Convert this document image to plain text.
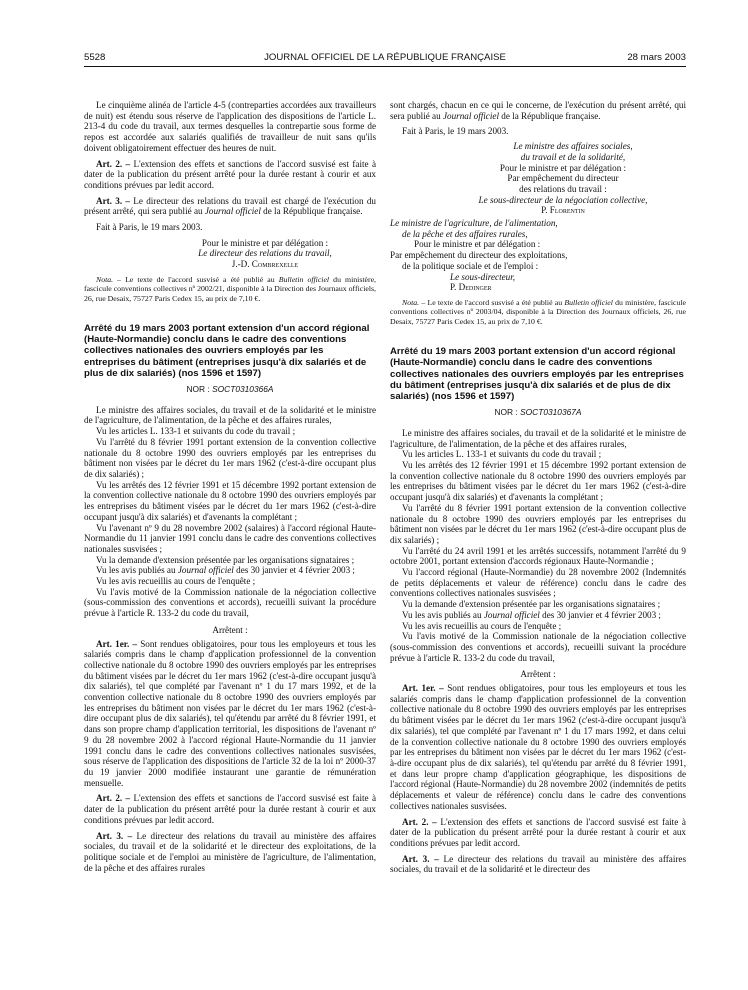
5528	JOURNAL OFFICIEL DE LA RÉPUBLIQUE FRANÇAISE	28 mars 2003

Le cinquième alinéa de l'article 4-5 (contreparties accordées aux travailleurs de nuit) est étendu sous réserve de l'application des dispositions de l'article L. 213-4 du code du travail, aux termes desquelles la contrepartie sous forme de repos est accordée aux salariés qualifiés de travailleur de nuit sans qu'ils doivent obligatoirement effectuer des heures de nuit.

Art. 2. – L'extension des effets et sanctions de l'accord susvisé est faite à dater de la publication du présent arrêté pour la durée restant à courir et aux conditions prévues par ledit accord.

Art. 3. – Le directeur des relations du travail est chargé de l'exécution du présent arrêté, qui sera publié au Journal officiel de la République française.

Fait à Paris, le 19 mars 2003.

Pour le ministre et par délégation :

Le directeur des relations du travail,

J.-D. Combrexelle

Nota. – Le texte de l'accord susvisé a été publié au Bulletin officiel du ministère, fascicule conventions collectives nº 2002/21, disponible à la Direction des Journaux officiels, 26, rue Desaix, 75727 Paris Cedex 15, au prix de 7,10 €.

Arrêté du 19 mars 2003 portant extension d'un accord régional (Haute-Normandie) conclu dans le cadre des conventions collectives nationales des ouvriers employés par les entreprises du bâtiment (entreprises jusqu'à dix salariés et de plus de dix salariés) (nos 1596 et 1597)

NOR : SOCT0310366A

Le ministre des affaires sociales, du travail et de la solidarité et le ministre de l'agriculture, de l'alimentation, de la pêche et des affaires rurales,

Vu les articles L. 133-1 et suivants du code du travail ;

Vu l'arrêté du 8 février 1991 portant extension de la convention collective nationale du 8 octobre 1990 des ouvriers employés par les entreprises du bâtiment non visées par le décret du 1er mars 1962 (c'est-à-dire occupant plus de dix salariés) ;

Vu les arrêtés des 12 février 1991 et 15 décembre 1992 portant extension de la convention collective nationale du 8 octobre 1990 des ouvriers employés par les entreprises du bâtiment visées par le décret du 1er mars 1962 (c'est-à-dire occupant jusqu'à dix salariés) et d'avenants la complétant ;

Vu l'avenant nº 9 du 28 novembre 2002 (salaires) à l'accord régional Haute-Normandie du 11 janvier 1991 conclu dans le cadre des conventions collectives nationales susvisées ;

Vu la demande d'extension présentée par les organisations signataires ;

Vu les avis publiés au Journal officiel des 30 janvier et 4 février 2003 ;

Vu les avis recueillis au cours de l'enquête ;

Vu l'avis motivé de la Commission nationale de la négociation collective (sous-commission des conventions et accords), recueilli suivant la procédure prévue à l'article R. 133-2 du code du travail,

Arrêtent :

Art. 1er. – Sont rendues obligatoires, pour tous les employeurs et tous les salariés compris dans le champ d'application professionnel de la convention collective nationale du 8 octobre 1990 des ouvriers employés par les entreprises du bâtiment visées par le décret du 1er mars 1962 (c'est-à-dire occupant jusqu'à dix salariés), tel que complété par l'avenant nº 1 du 17 mars 1992, et de la convention collective nationale du 8 octobre 1990 des ouvriers employés par les entreprises du bâtiment non visées par le décret du 1er mars 1962 (c'est-à-dire occupant plus de dix salariés), tel qu'étendu par arrêté du 8 février 1991, et dans son propre champ d'application territorial, les dispositions de l'avenant nº 9 du 28 novembre 2002 à l'accord régional Haute-Normandie du 11 janvier 1991 conclu dans le cadre des conventions collectives nationales susvisées, sous réserve de l'application des dispositions de l'article 32 de la loi nº 2000-37 du 19 janvier 2000 modifiée instaurant une garantie de rémunération mensuelle.

Art. 2. – L'extension des effets et sanctions de l'accord susvisé est faite à dater de la publication du présent arrêté pour la durée restant à courir et aux conditions prévues par ledit accord.

Art. 3. – Le directeur des relations du travail au ministère des affaires sociales, du travail et de la solidarité et le directeur des exploitations, de la politique sociale et de l'emploi au ministère de l'agriculture, de l'alimentation, de la pêche et des affaires rurales

sont chargés, chacun en ce qui le concerne, de l'exécution du présent arrêté, qui sera publié au Journal officiel de la République française.

Fait à Paris, le 19 mars 2003.

Le ministre des affaires sociales,

du travail et de la solidarité,

Pour le ministre et par délégation :

Par empêchement du directeur

des relations du travail :

Le sous-directeur de la négociation collective,

P. Florentin

Le ministre de l'agriculture, de l'alimentation,

de la pêche et des affaires rurales,

Pour le ministre et par délégation :

Par empêchement du directeur des exploitations,

de la politique sociale et de l'emploi :

Le sous-directeur,

P. Dedinger

Nota. – Le texte de l'accord susvisé a été publié au Bulletin officiel du ministère, fascicule conventions collectives nº 2003/04, disponible à la Direction des Journaux officiels, 26, rue Desaix, 75727 Paris Cedex 15, au prix de 7,10 €.

Arrêté du 19 mars 2003 portant extension d'un accord régional (Haute-Normandie) conclu dans le cadre des conventions collectives nationales des ouvriers employés par les entreprises du bâtiment (entreprises jusqu'à dix salariés et de plus de dix salariés) (nos 1596 et 1597)

NOR : SOCT0310367A

Le ministre des affaires sociales, du travail et de la solidarité et le ministre de l'agriculture, de l'alimentation, de la pêche et des affaires rurales,

Vu les articles L. 133-1 et suivants du code du travail ;

Vu les arrêtés des 12 février 1991 et 15 décembre 1992 portant extension de la convention collective nationale du 8 octobre 1990 des ouvriers employés par les entreprises du bâtiment visées par le décret du 1er mars 1962 (c'est-à-dire occupant jusqu'à dix salariés) et d'avenants la complétant ;

Vu l'arrêté du 8 février 1991 portant extension de la convention collective nationale du 8 octobre 1990 des ouvriers employés par les entreprises du bâtiment non visées par le décret du 1er mars 1962 (c'est-à-dire occupant plus de dix salariés) ;

Vu l'arrêté du 24 avril 1991 et les arrêtés successifs, notamment l'arrêté du 9 octobre 2001, portant extension d'accords régionaux Haute-Normandie ;

Vu l'accord régional (Haute-Normandie) du 28 novembre 2002 (Indemnités de petits déplacements et valeur de référence) conclu dans le cadre des conventions collectives nationales susvisées ;

Vu la demande d'extension présentée par les organisations signataires ;

Vu les avis publiés au Journal officiel des 30 janvier et 4 février 2003 ;

Vu les avis recueillis au cours de l'enquête ;

Vu l'avis motivé de la Commission nationale de la négociation collective (sous-commission des conventions et accords), recueilli suivant la procédure prévue à l'article R. 133-2 du code du travail,

Arrêtent :

Art. 1er. – Sont rendues obligatoires, pour tous les employeurs et tous les salariés compris dans le champ d'application professionnel de la convention collective nationale du 8 octobre 1990 des ouvriers employés par les entreprises du bâtiment visées par le décret du 1er mars 1962 (c'est-à-dire occupant jusqu'à dix salariés), tel que complété par l'avenant nº 1 du 17 mars 1992, et dans celui de la convention collective nationale du 8 octobre 1990 des ouvriers employés par les entreprises du bâtiment non visées par le décret du 1er mars 1962 (c'est-à-dire occupant plus de dix salariés), tel qu'étendu par arrêté du 8 février 1991, et dans leur propre champ d'application géographique, les dispositions de l'accord régional (Haute-Normandie) du 28 novembre 2002 (indemnités de petits déplacements et valeur de référence) conclu dans le cadre des conventions collectives nationales susvisées.

Art. 2. – L'extension des effets et sanctions de l'accord susvisé est faite à dater de la publication du présent arrêté pour la durée restant à courir et aux conditions prévues par ledit accord.

Art. 3. – Le directeur des relations du travail au ministère des affaires sociales, du travail et de la solidarité et le directeur des
